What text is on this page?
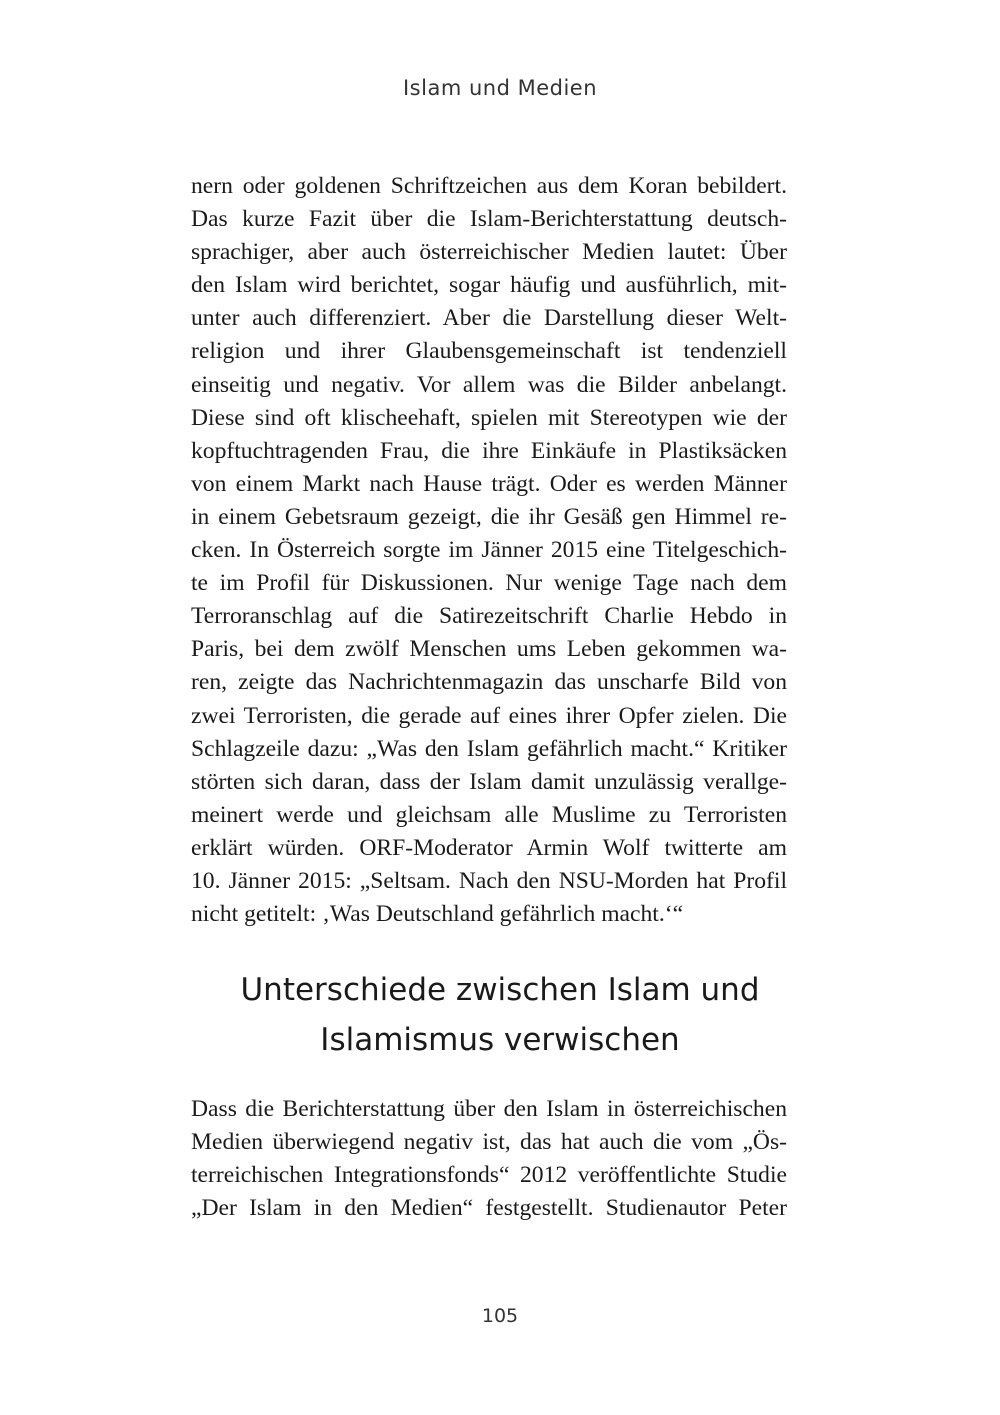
Islam und Medien
nern oder goldenen Schriftzeichen aus dem Koran bebildert.
Das kurze Fazit über die Islam-Berichterstattung deutsch-
sprachiger, aber auch österreichischer Medien lautet: Über
den Islam wird berichtet, sogar häufig und ausführlich, mit-
unter auch differenziert. Aber die Darstellung dieser Welt-
religion und ihrer Glaubensgemeinschaft ist tendenziell
einseitig und negativ. Vor allem was die Bilder anbelangt.
Diese sind oft klischeehaft, spielen mit Stereotypen wie der
kopftuchtragenden Frau, die ihre Einkäufe in Plastiksäcken
von einem Markt nach Hause trägt. Oder es werden Männer
in einem Gebetsraum gezeigt, die ihr Gesäß gen Himmel re-
cken. In Österreich sorgte im Jänner 2015 eine Titelgeschich-
te im Profil für Diskussionen. Nur wenige Tage nach dem
Terroranschlag auf die Satirezeitschrift Charlie Hebdo in
Paris, bei dem zwölf Menschen ums Leben gekommen wa-
ren, zeigte das Nachrichtenmagazin das unscharfe Bild von
zwei Terroristen, die gerade auf eines ihrer Opfer zielen. Die
Schlagzeile dazu: „Was den Islam gefährlich macht.“ Kritiker
störten sich daran, dass der Islam damit unzulässig verallge-
meinert werde und gleichsam alle Muslime zu Terroristen
erklärt würden. ORF-Moderator Armin Wolf twitterte am
10. Jänner 2015: „Seltsam. Nach den NSU-Morden hat Profil
nicht getitelt: ‚Was Deutschland gefährlich macht.‘“
Unterschiede zwischen Islam und
Islamismus verwischen
Dass die Berichterstattung über den Islam in österreichischen
Medien überwiegend negativ ist, das hat auch die vom „Ös-
terreichischen Integrationsfonds“ 2012 veröffentlichte Studie
„Der Islam in den Medien“ festgestellt. Studienautor Peter
105
